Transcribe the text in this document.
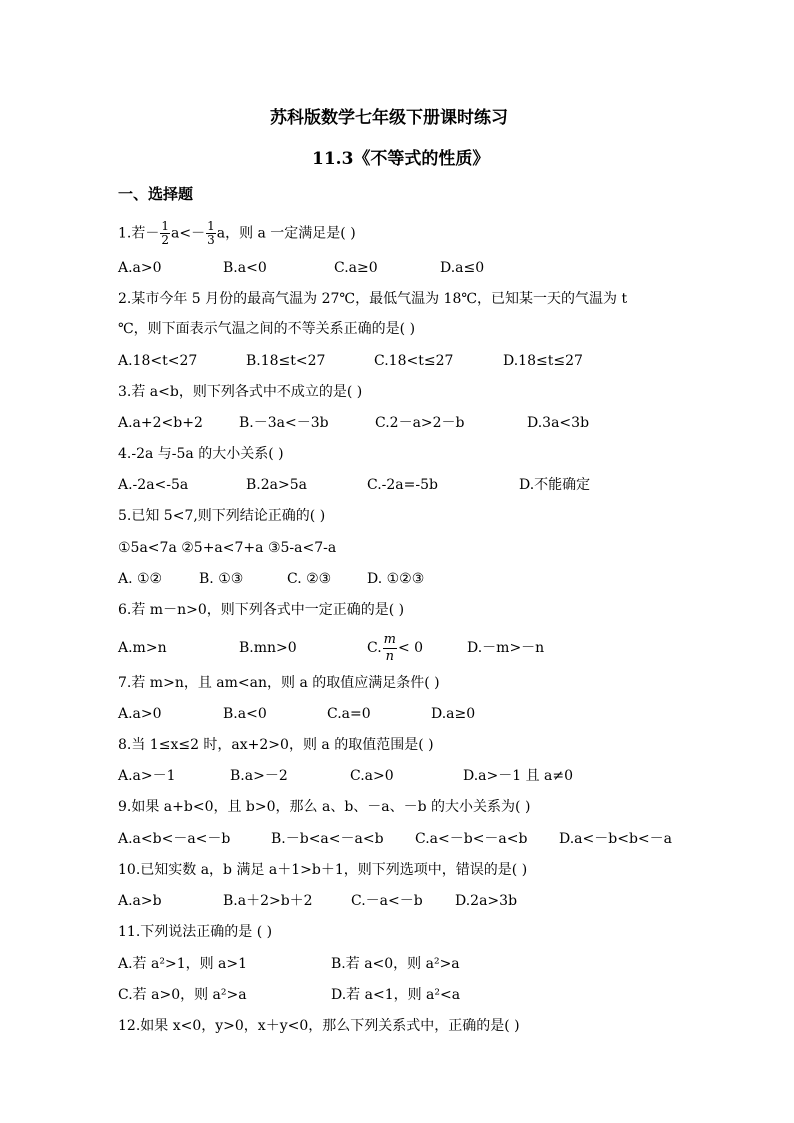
苏科版数学七年级下册课时练习
11.3《不等式的性质》
一、选择题
1.若－ $\frac{1}{2} a<- \frac{1}{3}$ a，则 a 一定满足是( )
A.a>0	B.a<0	C.a≥0	D.a≤0
2.某市今年 5 月份的最高气温为 27℃，最低气温为 18℃，已知某一天的气温为 t
℃，则下面表示气温之间的不等关系正确的是( )
A.18<t<27	B.18≤t<27	C.18<t≤27	D.18≤t≤27
3.若 a<b，则下列各式中不成立的是( )
A.a+2<b+2	B.－3a<－3b	C.2－a>2－b	D.3a<3b
4.-2a 与-5a 的大小关系( )
A.-2a<-5a	B.2a>5a	C.-2a=-5b	D.不能确定
5.已知 5<7,则下列结论正确的( )
①5a<7a ②5+a<7+a ③5-a<7-a
A. ①②	B. ①③	C. ②③	D. ①②③
6.若 m－n>0，则下列各式中一定正确的是( )
A.m>n	B.mn>0	C. $\frac{m}{n} < 0$	D.－m>－n
7.若 m>n，且 am<an，则 a 的取值应满足条件( )
A.a>0	B.a<0	C.a=0	D.a≥0
8.当 1≤x≤2 时，ax+2>0，则 a 的取值范围是( )
A.a>－1	B.a>－2	C.a>0	D.a>－1 且 a≠0
9.如果 a+b<0，且 b>0，那么 a、b、－a、－b 的大小关系为( )
A.a<b<－a<－b	B.－b<a<－a<b C.a<－b<－a<b D.a<－b<b<－a
10.已知实数 a，b 满足 a＋1>b＋1，则下列选项中，错误的是( )
A.a>b	B.a＋2>b＋2	C.－a<－b D.2a>3b
11.下列说法正确的是 ( )
A.若 a²>1，则 a>1	B.若 a<0，则 a²>a
C.若 a>0，则 a²>a	D.若 a<1，则 a²<a
12.如果 x<0，y>0，x＋y<0，那么下列关系式中，正确的是( )
